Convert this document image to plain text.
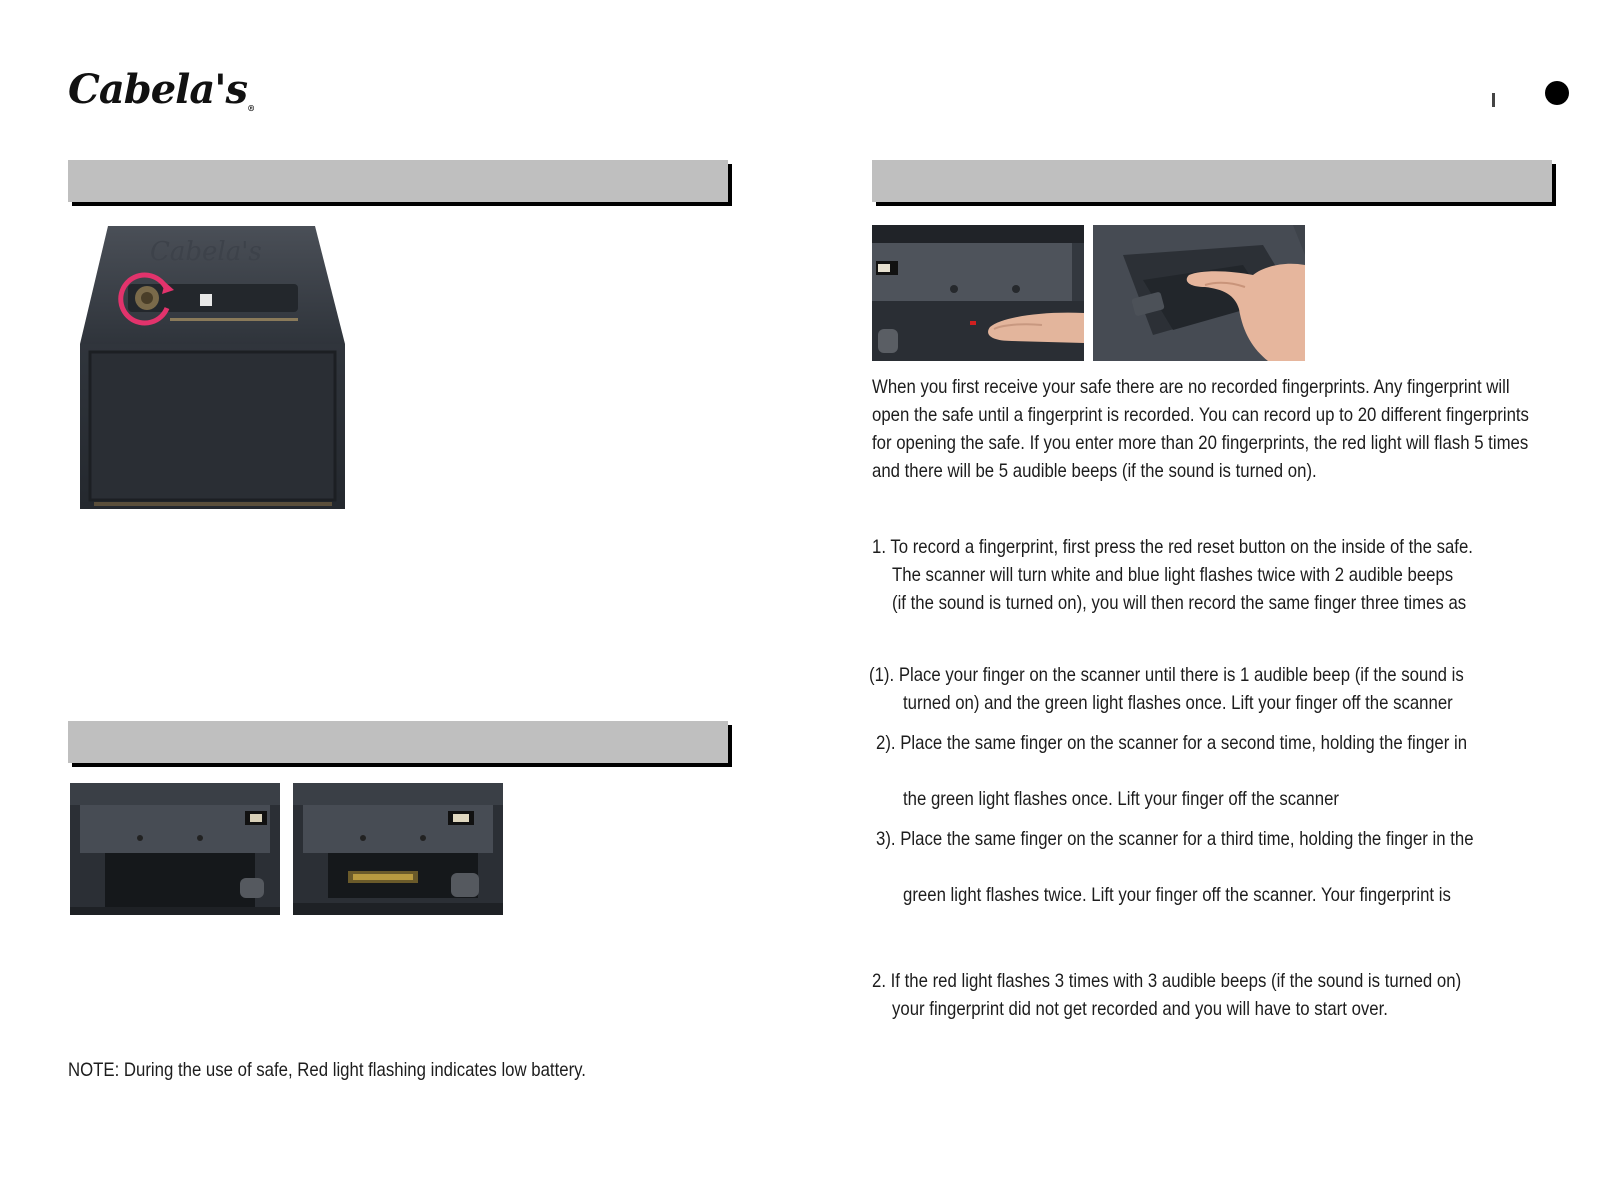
Cabela's®
Cabela's
NOTE: During the use of safe, Red light flashing indicates low battery.
When you first receive your safe there are no recorded fingerprints. Any fingerprint will open the safe until a fingerprint is recorded. You can record up to 20 different fingerprints for opening the safe. If you enter more than 20 fingerprints, the red light will flash 5 times and there will be 5 audible beeps (if the sound is turned on).
1. To record a fingerprint, first press the red reset button on the inside of the safe.
The scanner will turn white and blue light flashes twice with 2 audible beeps
(if the sound is turned on), you will then record the same finger three times as
(1). Place your finger on the scanner until there is 1 audible beep (if the sound is
turned on) and the green light flashes once. Lift your finger off the scanner
2). Place the same finger on the scanner for a second time, holding the finger in
the green light flashes once. Lift your finger off the scanner
3). Place the same finger on the scanner for a third time, holding the finger in the
green light flashes twice. Lift your finger off the scanner. Your fingerprint is
2. If the red light flashes 3 times with 3 audible beeps (if the sound is turned on)
your fingerprint did not get recorded and you will have to start over.
